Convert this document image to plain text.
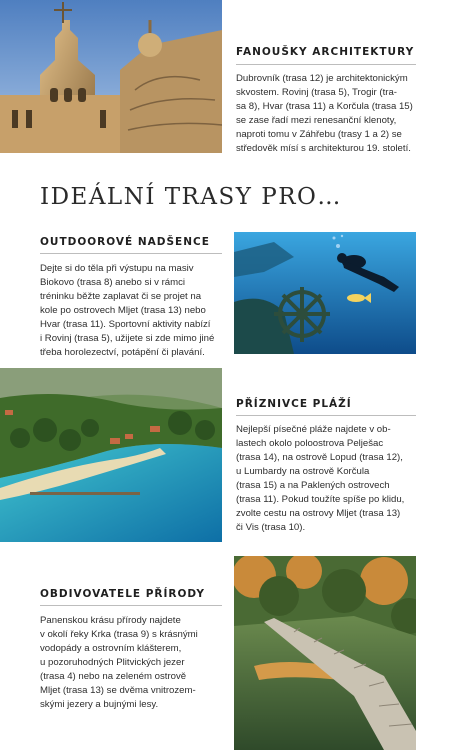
FANOUŠKY ARCHITEKTURY
Dubrovník (trasa 12) je architektonickým
skvostem. Rovinj (trasa 5), Trogir (tra-
sa 8), Hvar (trasa 11) a Korčula (trasa 15)
se zase řadí mezi renesanční klenoty,
naproti tomu v Záhřebu (trasy 1 a 2) se
středověk mísí s architekturou 19. století.
IDEÁLNÍ TRASY PRO…
OUTDOOROVÉ NADŠENCE
Dejte si do těla při výstupu na masiv
Biokovo (trasa 8) anebo si v rámci
tréninku běžte zaplavat či se projet na
kole po ostrovech Mljet (trasa 13) nebo
Hvar (trasa 11). Sportovní aktivity nabízí
i Rovinj (trasa 5), užijete si zde mimo jiné
třeba horolezectví, potápění či plavání.
PŘÍZNIVCE PLÁŽÍ
Nejlepší písečné pláže najdete v ob-
lastech okolo poloostrova Pelješac
(trasa 14), na ostrově Lopud (trasa 12),
u Lumbardy na ostrově Korčula
(trasa 15) a na Paklených ostrovech
(trasa 11). Pokud toužíte spíše po klidu,
zvolte cestu na ostrovy Mljet (trasa 13)
či Vis (trasa 10).
OBDIVOVATELE PŘÍRODY
Panenskou krásu přírody najdete
v okolí řeky Krka (trasa 9) s krásnými
vodopády a ostrovním klášterem,
u pozoruhodných Plitvických jezer
(trasa 4) nebo na zeleném ostrově
Mljet (trasa 13) se dvěma vnitrozem-
skými jezery a bujnými lesy.
